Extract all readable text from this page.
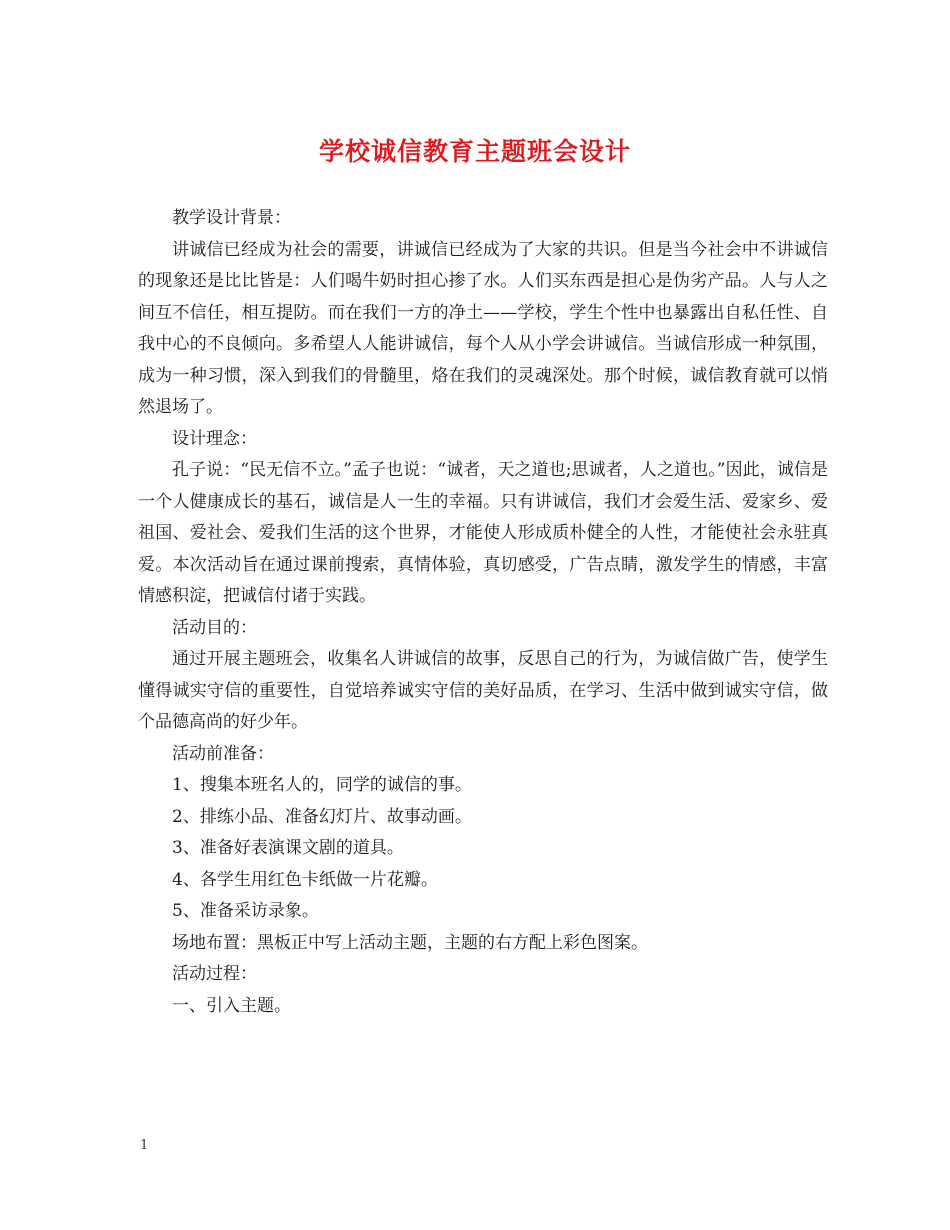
学校诚信教育主题班会设计

教学设计背景：

讲诚信已经成为社会的需要，讲诚信已经成为了大家的共识。但是当今社会中不讲诚信的现象还是比比皆是：人们喝牛奶时担心掺了水。人们买东西是担心是伪劣产品。人与人之间互不信任，相互提防。而在我们一方的净土——学校，学生个性中也暴露出自私任性、自我中心的不良倾向。多希望人人能讲诚信，每个人从小学会讲诚信。当诚信形成一种氛围，成为一种习惯，深入到我们的骨髓里，烙在我们的灵魂深处。那个时候，诚信教育就可以悄然退场了。

设计理念：

孔子说：“民无信不立。”孟子也说：“诚者，天之道也;思诚者，人之道也。”因此，诚信是一个人健康成长的基石，诚信是人一生的幸福。只有讲诚信，我们才会爱生活、爱家乡、爱祖国、爱社会、爱我们生活的这个世界，才能使人形成质朴健全的人性，才能使社会永驻真爱。本次活动旨在通过课前搜索，真情体验，真切感受，广告点睛，激发学生的情感，丰富情感积淀，把诚信付诸于实践。

活动目的：

通过开展主题班会，收集名人讲诚信的故事，反思自己的行为，为诚信做广告，使学生懂得诚实守信的重要性，自觉培养诚实守信的美好品质，在学习、生活中做到诚实守信，做个品德高尚的好少年。

活动前准备：

1、搜集本班名人的，同学的诚信的事。

2、排练小品、准备幻灯片、故事动画。

3、准备好表演课文剧的道具。

4、各学生用红色卡纸做一片花瓣。

5、准备采访录象。

场地布置：黑板正中写上活动主题，主题的右方配上彩色图案。

活动过程：

一、引入主题。

1
